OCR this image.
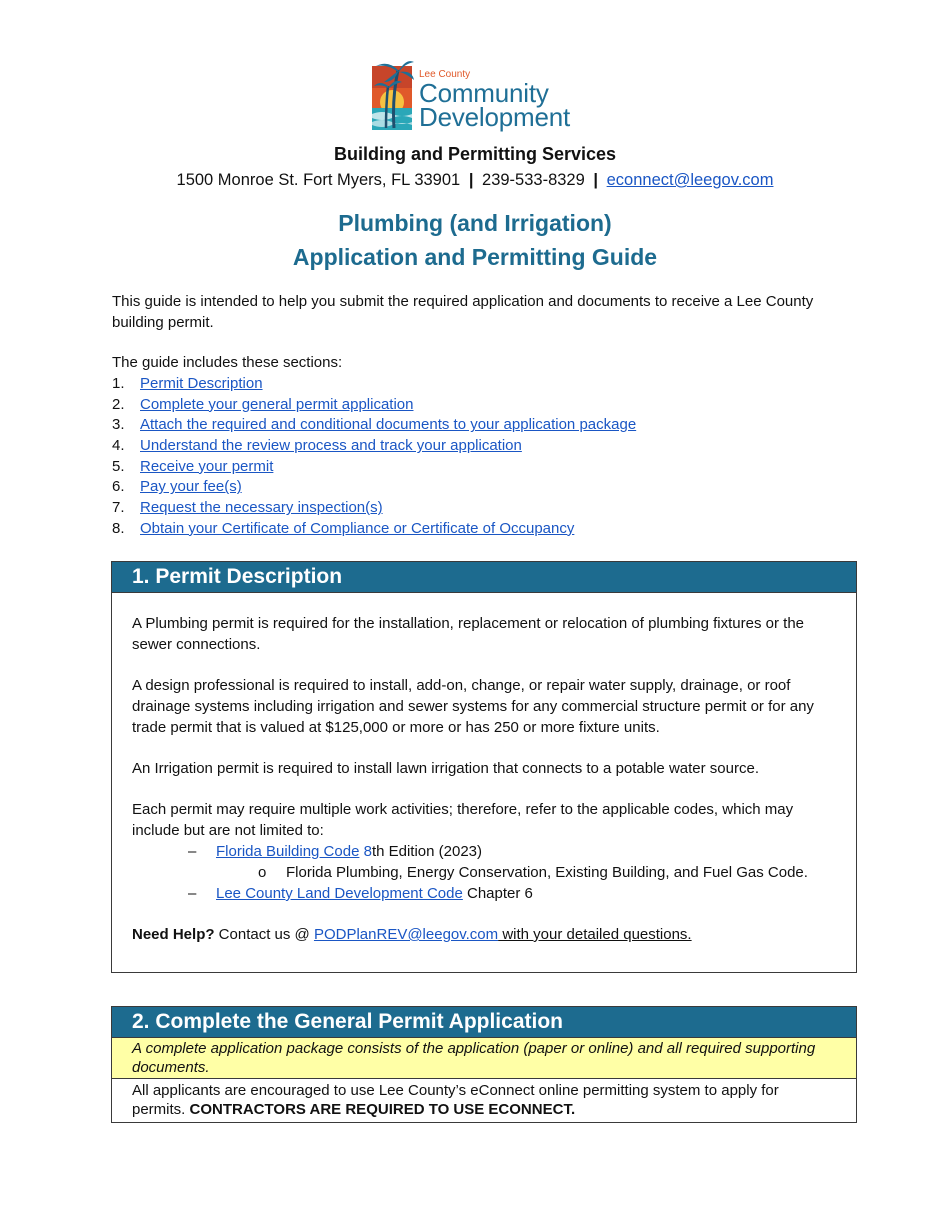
Lee County
Community
Development
Building and Permitting Services
1500 Monroe St. Fort Myers, FL 33901 | 239-533-8329 | econnect@leegov.com
Plumbing (and Irrigation)
Application and Permitting Guide
This guide is intended to help you submit the required application and documents to receive a Lee County building permit.
The guide includes these sections:
1. Permit Description
2. Complete your general permit application
3. Attach the required and conditional documents to your application package
4. Understand the review process and track your application
5. Receive your permit
6. Pay your fee(s)
7. Request the necessary inspection(s)
8. Obtain your Certificate of Compliance or Certificate of Occupancy
1. Permit Description

A Plumbing permit is required for the installation, replacement or relocation of plumbing fixtures or the sewer connections.

A design professional is required to install, add-on, change, or repair water supply, drainage, or roof drainage systems including irrigation and sewer systems for any commercial structure permit or for any trade permit that is valued at $125,000 or more or has 250 or more fixture units.

An Irrigation permit is required to install lawn irrigation that connects to a potable water source.

Each permit may require multiple work activities; therefore, refer to the applicable codes, which may include but are not limited to:

– Florida Building Code 8th Edition (2023)
o Florida Plumbing, Energy Conservation, Existing Building, and Fuel Gas Code.
– Lee County Land Development Code Chapter 6

Need Help? Contact us @ PODPlanREV@leegov.com with your detailed questions.

2. Complete the General Permit Application
A complete application package consists of the application (paper or online) and all required supporting documents.
All applicants are encouraged to use Lee County’s eConnect online permitting system to apply for permits. CONTRACTORS ARE REQUIRED TO USE ECONNECT.
